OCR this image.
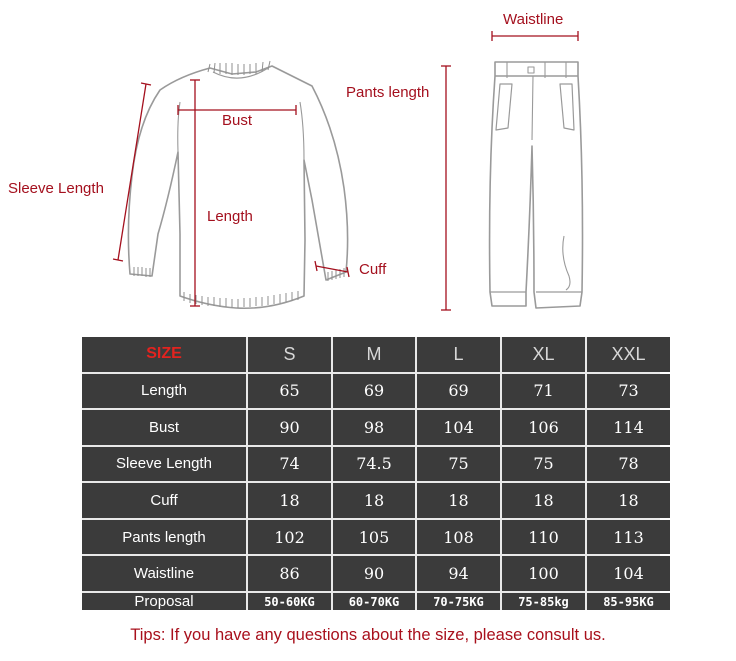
Sleeve Length
Bust
Length
Cuff
Pants length
Waistline
SIZE	S	M	L	XL	XXL
Length	65	69	69	71	73
Bust	90	98	104	106	114
Sleeve Length	74	74.5	75	75	78
Cuff	18	18	18	18	18
Pants length	102	105	108	110	113
Waistline	86	90	94	100	104
Proposal	50-60KG	60-70KG	70-75KG	75-85kg	85-95KG
Tips: If you have any questions about the size, please consult us.
